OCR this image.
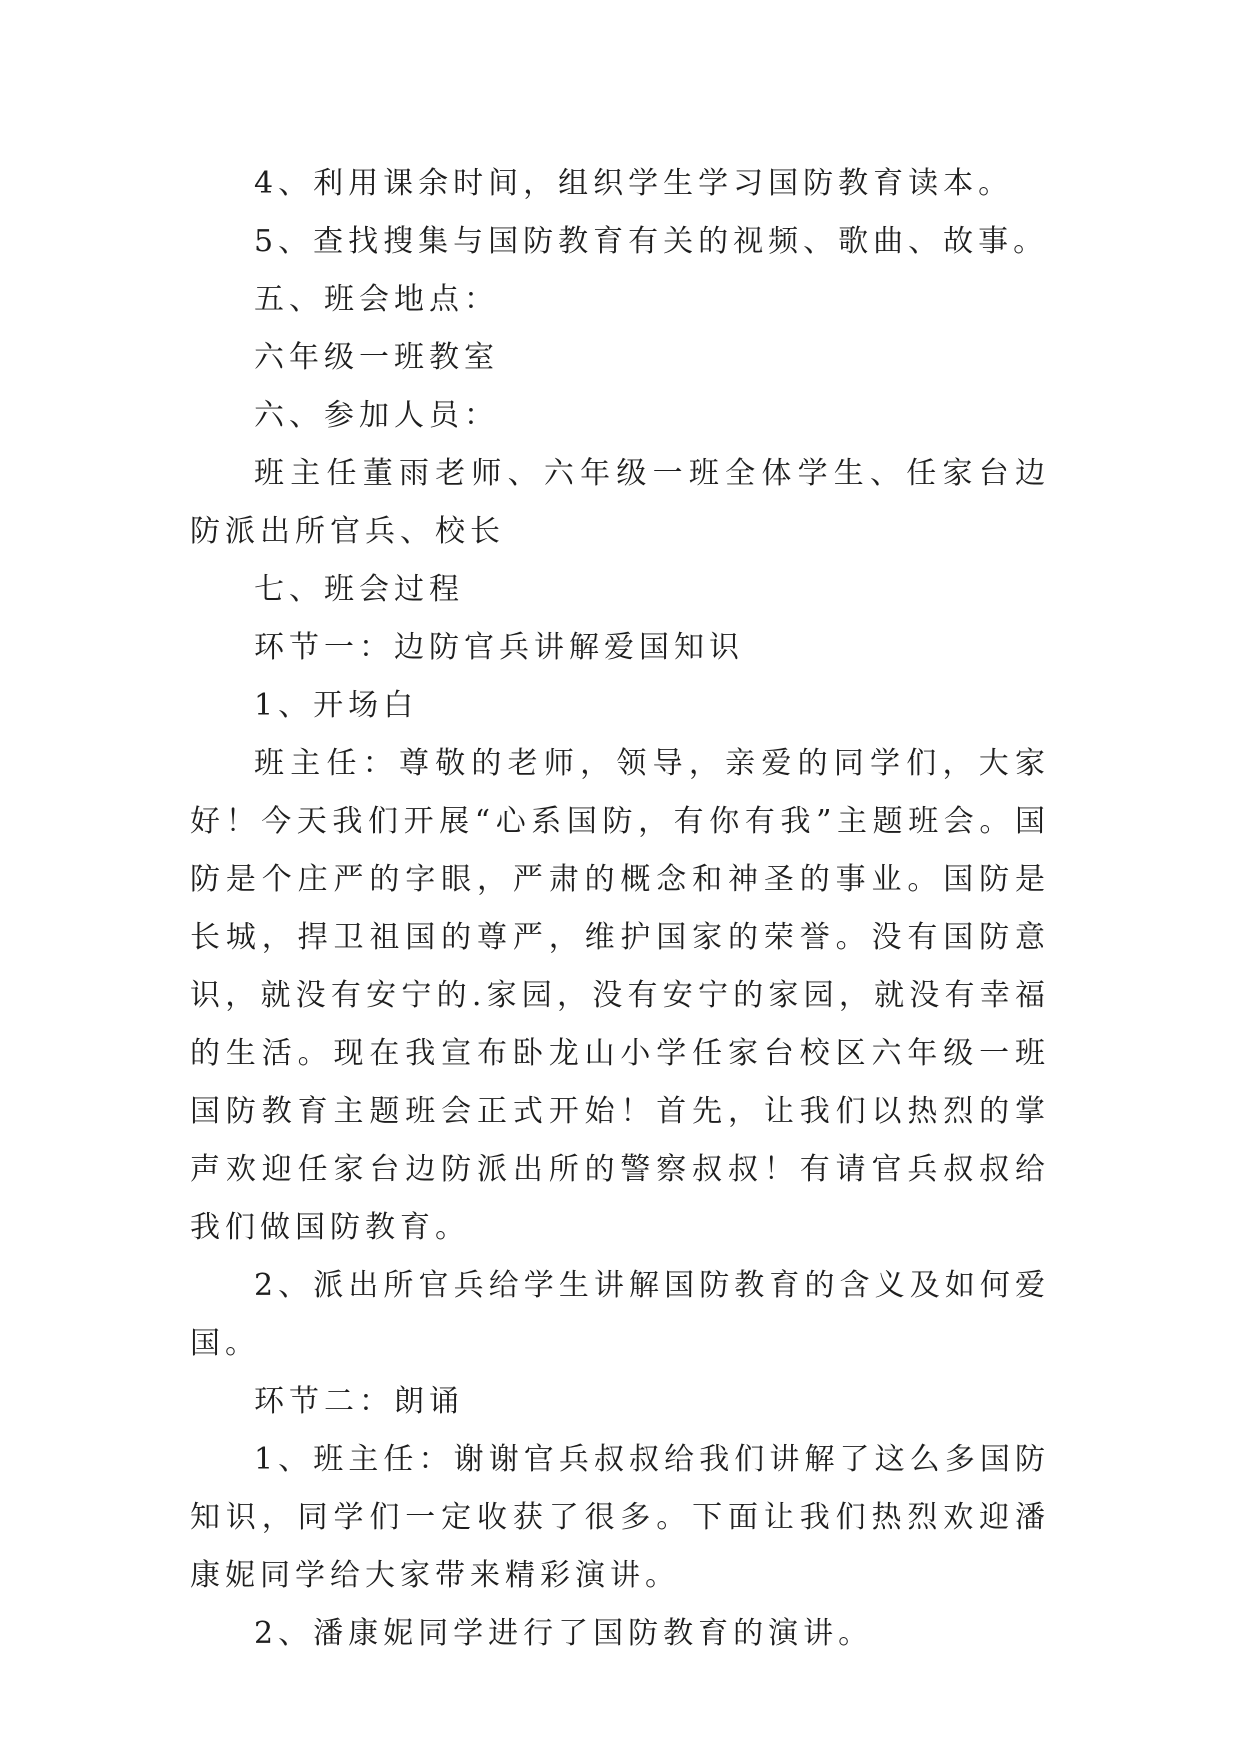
4、利用课余时间，组织学生学习国防教育读本。

5、查找搜集与国防教育有关的视频、歌曲、故事。

五、班会地点：

六年级一班教室

六、参加人员：

班主任董雨老师、六年级一班全体学生、任家台边防派出所官兵、校长

七、班会过程

环节一：边防官兵讲解爱国知识

1、开场白

班主任：尊敬的老师，领导，亲爱的同学们，大家好！今天我们开展“心系国防，有你有我”主题班会。国防是个庄严的字眼，严肃的概念和神圣的事业。国防是长城，捍卫祖国的尊严，维护国家的荣誉。没有国防意识，就没有安宁的.家园，没有安宁的家园，就没有幸福的生活。现在我宣布卧龙山小学任家台校区六年级一班国防教育主题班会正式开始！首先，让我们以热烈的掌声欢迎任家台边防派出所的警察叔叔！有请官兵叔叔给我们做国防教育。

2、派出所官兵给学生讲解国防教育的含义及如何爱国。

环节二：朗诵

1、班主任：谢谢官兵叔叔给我们讲解了这么多国防知识，同学们一定收获了很多。下面让我们热烈欢迎潘康妮同学给大家带来精彩演讲。

2、潘康妮同学进行了国防教育的演讲。
